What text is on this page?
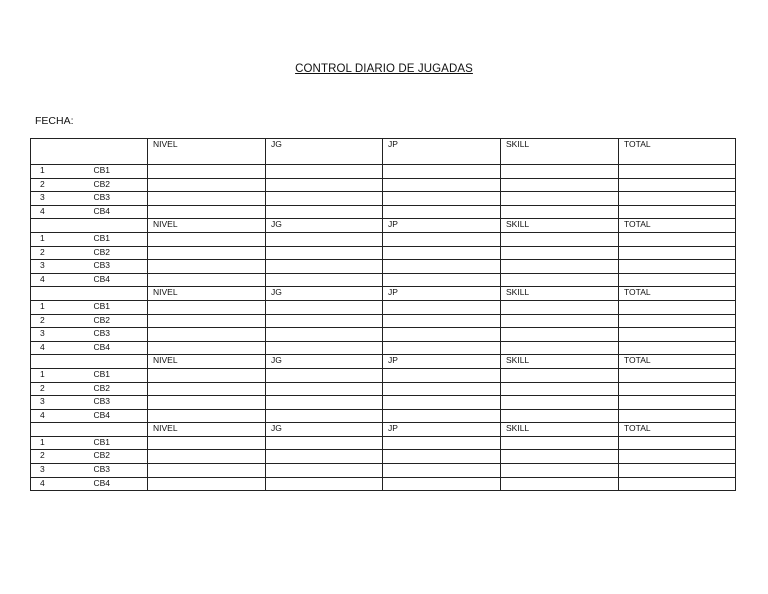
CONTROL DIARIO DE JUGADAS
FECHA:
		NIVEL	JG	JP	SKILL	TOTAL
1	CB1					
2	CB2					
3	CB3					
4	CB4					
		NIVEL	JG	JP	SKILL	TOTAL
1	CB1					
2	CB2					
3	CB3					
4	CB4					
		NIVEL	JG	JP	SKILL	TOTAL
1	CB1					
2	CB2					
3	CB3					
4	CB4					
		NIVEL	JG	JP	SKILL	TOTAL
1	CB1					
2	CB2					
3	CB3					
4	CB4					
		NIVEL	JG	JP	SKILL	TOTAL
1	CB1					
2	CB2					
3	CB3					
4	CB4					
